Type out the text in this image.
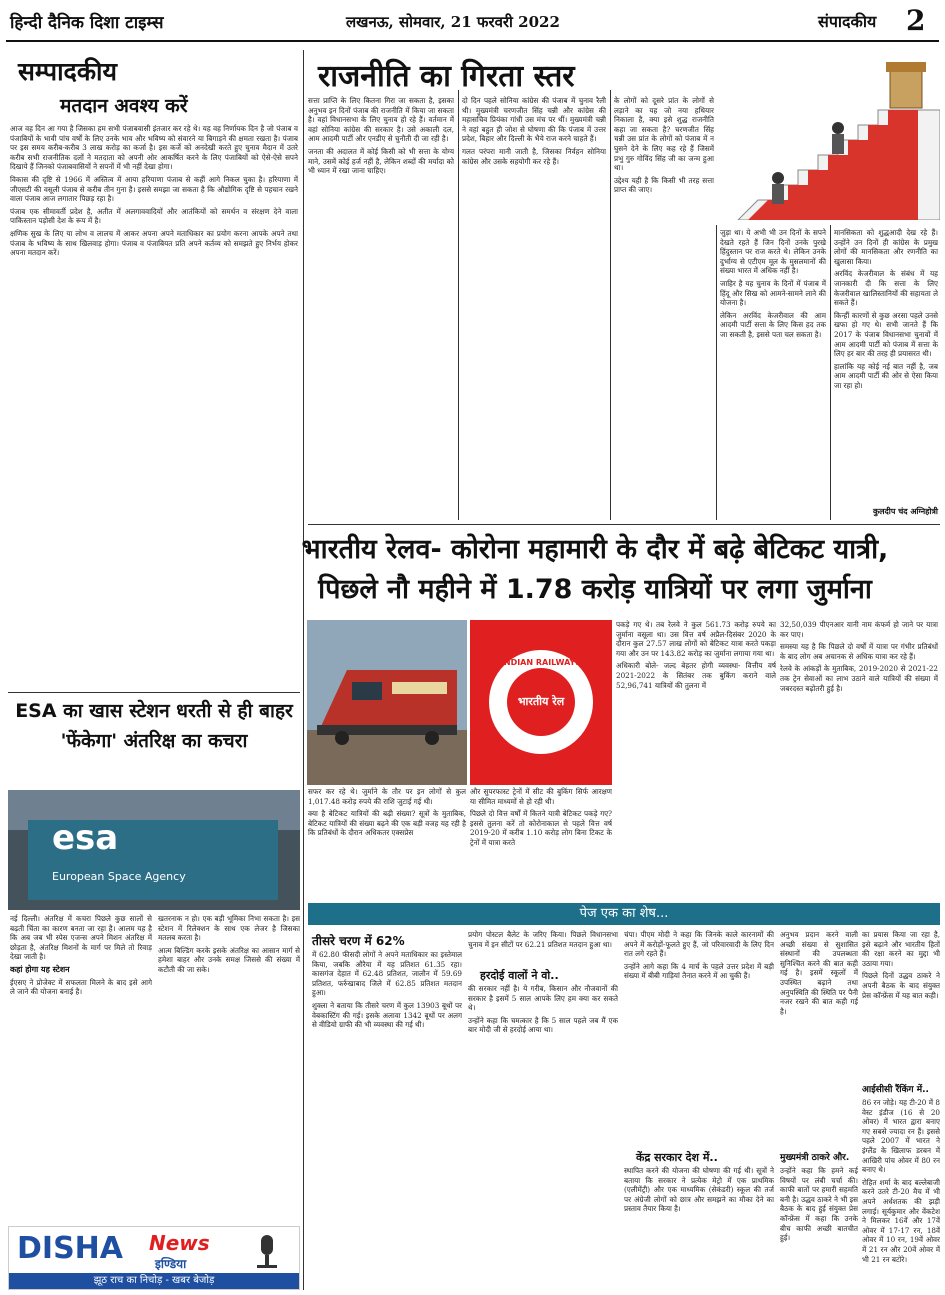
हिन्दी दैनिक दिशा टाइम्स	लखनऊ, सोमवार, 21 फरवरी 2022	संपादकीय 2
सम्पादकीय
मतदान अवश्य करें

आज वह दिन आ गया है जिसका हम सभी पंजाबवासी इंतजार कर रहे थे। यह वह निर्णायक दिन है जो पंजाब व पंजाबियों के भावी पांच वर्षों के लिए उनके भाव और भविष्य को संवारने या बिगाड़ने की क्षमता रखता है। पंजाब पर इस समय करीब-करीब 3 लाख करोड़ का कर्जा है। इस कर्जे को अनदेखी करते हुए चुनाव मैदान में उतरे करीब सभी राजनीतिक दलों ने मतदाता को अपनी ओर आकर्षित करने के लिए पंजाबियों को ऐसे-ऐसे सपने दिखाये हैं जिनको पंजाबवासियों ने सपनों में भी नहीं देखा होगा।

विकास की दृष्टि से 1966 में अस्तित्व में आया हरियाणा पंजाब से कहीं आगे निकल चुका है। हरियाणा में जीएसटी की वसूली पंजाब से करीब तीन गुना है। इससे समझा जा सकता है कि औद्योगिक दृष्टि से पहचान रखने वाला पंजाब आज लगातार पिछड़ रहा है।

पंजाब एक सीमावर्ती प्रदेश है, अतीत में अलगाववादियों और आतंकियों को समर्थन व संरक्षण देने वाला पाकिस्तान पड़ोसी देश के रूप में है।

क्षणिक सुख के लिए या लोभ व लालच में आकर अपना अपने मताधिकार का प्रयोग करना आपके अपने तथा पंजाब के भविष्य के साथ खिलवाड़ होगा। पंजाब व पंजाबियत प्रति अपने कर्तव्य को समझते हुए निर्भय होकर अपना मतदान करें।

राजनीति का गिरता स्तर

सत्ता प्राप्ति के लिए कितना गिरा जा सकता है, इसका अनुभव इन दिनों पंजाब की राजनीति में किया जा सकता है। वहां विधानसभा के लिए चुनाव हो रहे हैं। वर्तमान में वहां सोनिया कांग्रेस की सरकार है। उसे अकाली दल, आम आदमी पार्टी और एनडीए से चुनौती दी जा रही है।

जनता की अदालत में कोई किसी को भी सत्ता के योग्य माने, उसमें कोई हर्ज नहीं है, लेकिन शब्दों की मर्यादा को भी ध्यान में रखा जाना चाहिए।

दो दिन पहले सोनिया कांग्रेस की पंजाब में चुनाव रैली थी। मुख्यमंत्री चरणजीत सिंह चन्नी और कांग्रेस की महासचिव प्रियंका गांधी उस मंच पर थीं। मुख्यमंत्री चन्नी ने वहां बहुत ही जोश से घोषणा की कि पंजाब में उत्तर प्रदेश, बिहार और दिल्ली के भैये राज करने चाहते हैं।

गलत परंपरा मानी जाती है, जिसका निर्वहन सोनिया कांग्रेस और उसके सहयोगी कर रहे हैं।

के लोगों को दूसरे प्रांत के लोगों से लड़ाने का यह जो नया हथियार निकाला है, क्या इसे शुद्ध राजनीति कहा जा सकता है? चरणजीत सिंह चन्नी उस प्रांत के लोगों को पंजाब में न घुसने देने के लिए कह रहे हैं जिसमें प्रभु गुरु गोविंद सिंह जी का जन्म हुआ था।

उद्देश्य यही है कि किसी भी तरह सत्ता प्राप्त की जाए।

जुड़ा था। ये अभी भी उन दिनों के सपने देखते रहते हैं जिन दिनों उनके पुरखे हिंदुस्तान पर राज करते थे। लेकिन उनके दुर्भाग्य से एटीएम मूल के मुसलमानों की संख्या भारत में अधिक नहीं है।

जाहिर है यह चुनाव के दिनों में पंजाब में हिंदू और सिख को आमने-सामने लाने की योजना है।

लेकिन अरविंद केजरीवाल की आम आदमी पार्टी सत्ता के लिए किस हद तक जा सकती है, इससे पता चल सकता है।

मानसिकता को शुद्धआदी देख रहे हैं। उन्होंने उन दिनों ही कांग्रेस के प्रमुख लोगों की मानसिकता और रणनीति का खुलासा किया।

अरविंद केजरीवाल के संबंध में यह जानकारी दी कि सत्ता के लिए केजरीवाल खालिस्तानियों की सहायता ले सकते हैं।

किन्हीं कारणों से कुछ अरसा पहले उनसे खफा हो गए थे। सभी जानते हैं कि 2017 के पंजाब विधानसभा चुनावों में आम आदमी पार्टी को पंजाब में सत्ता के लिए हर बार की तरह ही प्रयासरत थी।

हालांकि यह कोई नई बात नहीं है, जब आम आदमी पार्टी की ओर से ऐसा किया जा रहा हो।

कुलदीप चंद अग्निहोत्री
भारतीय रेलव- कोरोना महामारी के दौर में बढ़े बेटिकट यात्री,
पिछले नौ महीने में 1.78 करोड़ यात्रियों पर लगा जुर्माना
INDIAN RAILWAYS
भारतीय रेल

और सुपरफास्ट ट्रेनों में सीट की बुकिंग सिर्फ आरक्षण या सीमित माध्यमों से हो रही थी।

पिछले दो वित्त वर्षों में कितने यात्री बेटिकट पकड़े गए? इससे तुलना करें तो कोरोनाकाल से पहले वित्त वर्ष 2019-20 में करीब 1.10 करोड़ लोग बिना टिकट के ट्रेनों में यात्रा करते

सफर कर रहे थे। जुर्माने के तौर पर इन लोगों से कुल 1,017.48 करोड़ रुपये की राशि जुटाई गई थी।

क्या है बेटिकट यात्रियों की बढ़ी संख्या? सूत्रों के मुताबिक, बेटिकट यात्रियों की संख्या बढ़ने की एक बड़ी वजह यह रही है कि प्रतिबंधों के दौरान अधिकतर एक्सप्रेस

पकड़े गए थे। तब रेलवे ने कुल 561.73 करोड़ रुपये का जुर्माना वसूला था। उस वित्त वर्ष अप्रैल-दिसंबर 2020 के दौरान कुल 27.57 लाख लोगों को बेटिकट यात्रा करते पकड़ा गया और उन पर 143.82 करोड़ का जुर्माना लगाया गया था।

अधिकारी बोले- जल्द बेहतर होगी व्यवस्था- वित्तीय वर्ष 2021-2022 के सितंबर तक बुकिंग कराने वाले 52,96,741 यात्रियों की तुलना में

32,50,039 पीएनआर यानी नाम कंफर्म हो जाने पर यात्रा कर पाए।

समस्या यह है कि पिछले दो वर्षों में यात्रा पर गंभीर प्रतिबंधों के बाद लोग अब अचानक से अधिक यात्रा कर रहे हैं।

रेलवे के आंकड़ों के मुताबिक, 2019-2020 से 2021-22 तक ट्रेन सेवाओं का लाभ उठाने वाले यात्रियों की संख्या में जबरदस्त बढ़ोतरी हुई है।

ESA का खास स्टेशन धरती से ही बाहर 'फेंकेगा' अंतरिक्ष का कचरा
esa
European Space Agency

नई दिल्ली। अंतरिक्ष में कचरा पिछले कुछ सालों से बढ़ती चिंता का कारण बनता जा रहा है। आलम यह है कि अब जब भी स्पेस एजन्स अपने मिशन अंतरिक्ष में छोड़ता है, अंतरिक्ष मिशनों के मार्ग पर मिले तो रिवाड़ देखा जाती है।

कहां होगा यह स्टेशन

ईएसए ने प्रोजेक्ट में सफलता मिलने के बाद इसे आगे ले जाने की योजना बनाई है।

खतरनाक न हो। एक बड़ी भूमिका निभा सकता है। इस स्टेशन में रिलेक्शन के साथ एक लेजर है जिसका मतलब करता है।

आत्म बिल्डिंग करके इसके अंतरिक्ष का आसान मार्ग से हमेशा बाहर और उनके समक्ष जिससे की संख्या में कटौती की जा सके।

DISHA News
इण्डिया
झूठ राच का निचोड़ - खबर बेजोड़
पेज एक का शेष...
तीसरे चरण में 62%

में 62.80 फीसदी लोगों ने अपने मताधिकार का इस्तेमाल किया, जबकि औरैया में यह प्रतिशत 61.35 रहा। कासगंज देहात में 62.48 प्रतिशत, जालौन में 59.69 प्रतिशत, फर्रुखाबाद जिले में 62.85 प्रतिशत मतदान हुआ।

शुक्ला ने बताया कि तीसरे चरण में कुल 13903 बूथों पर वेबकास्टिंग की गई। इसके अलावा 1342 बूथों पर अलग से वीडियो ग्राफी की भी व्यवस्था की गई थी।

प्रयोग पोस्टल बैलेट के जरिए किया। पिछले विधानसभा चुनाव में इन सीटों पर 62.21 प्रतिशत मतदान हुआ था।

हरदोई वालों ने वो..

की सरकार नहीं है। ये गरीब, किसान और नौजवानों की सरकार है इसमें 5 साल आपके लिए हम क्या कर सकते थे।

उन्होंने कहा कि चमत्कार है कि 5 साल पहले जब मैं एक बार मोदी जी से हरदोई आया था।

चंपा। पीएम मोदी ने कहा कि जिनके काले कारनामों की अपने में करोड़ों-फूलते हुए हैं, जो परिवारवादी के लिए दिन रात लगे रहते हैं।

उन्होंने आगे कहा कि 4 मार्च के पहले उत्तर प्रदेश में बड़ी संख्या में बीबी गाड़ियां तैनात करने में आ चुकी हैं।

केंद्र सरकार देश में..

स्थापित करने की योजना की घोषणा की गई थी। सूत्रों ने बताया कि सरकार ने प्रत्येक मेट्रो में एक प्राथमिक (एलीमेंट्री) और एक माध्यमिक (सेकंडरी) स्कूल की तर्ज पर अंग्रेजी लोगों को छात्र और समझने का मौका देने का प्रस्ताव तैयार किया है।

अनुभव प्रदान करने वाली अच्छी संख्या से सुशासित संस्थानों की उपलब्धता सुनिश्चित करने की बात कही गई है। इसमें स्कूलों में उपस्थित बढ़ाने तथा अनुपस्थिति की स्थिति पर पैनी नजर रखने की बात कही गई है।

मुख्यमंत्री ठाकरे और.

उन्होंने कहा कि हमने कई विषयों पर लंबी चर्चा की। काफी बातों पर हमारी सहमति बनी है। उद्धव ठाकरे ने भी इस बैठक के बाद हुई संयुक्त प्रेस कॉन्फ्रेंस में कहा कि उनके बीच काफी अच्छी बातचीत हुई।

का प्रयास किया जा रहा है, इसे बढ़ाने और भारतीय हितों की रक्षा करने का मुद्दा भी उठाया गया।

पिछले दिनों उद्धव ठाकरे ने अपनी बैठक के बाद संयुक्त प्रेस कॉन्फ्रेंस में यह बात कही।

आईसीसी रैंकिंग में..

86 रन जोड़े। यह टी-20 में 8 वेस्ट इंडीज (16 से 20 ओवर) में भारत द्वारा बनाए गए सबसे ज्यादा रन हैं। इससे पहले 2007 में भारत ने इंग्लैंड के खिलाफ डरबन में आखिरी पांच ओवर में 80 रन बनाए थे।

रोहित शर्मा के बाद बल्लेबाजी करने उतरे टी-20 मैच में भी अपने अर्धशतक की झड़ी लगाई। सूर्यकुमार और वेंकटेश ने मिलकर 16वें और 17वें ओवर में 17-17 रन, 18वें ओवर में 10 रन, 19वें ओवर में 21 रन और 20वें ओवर में भी 21 रन बटोरे।
